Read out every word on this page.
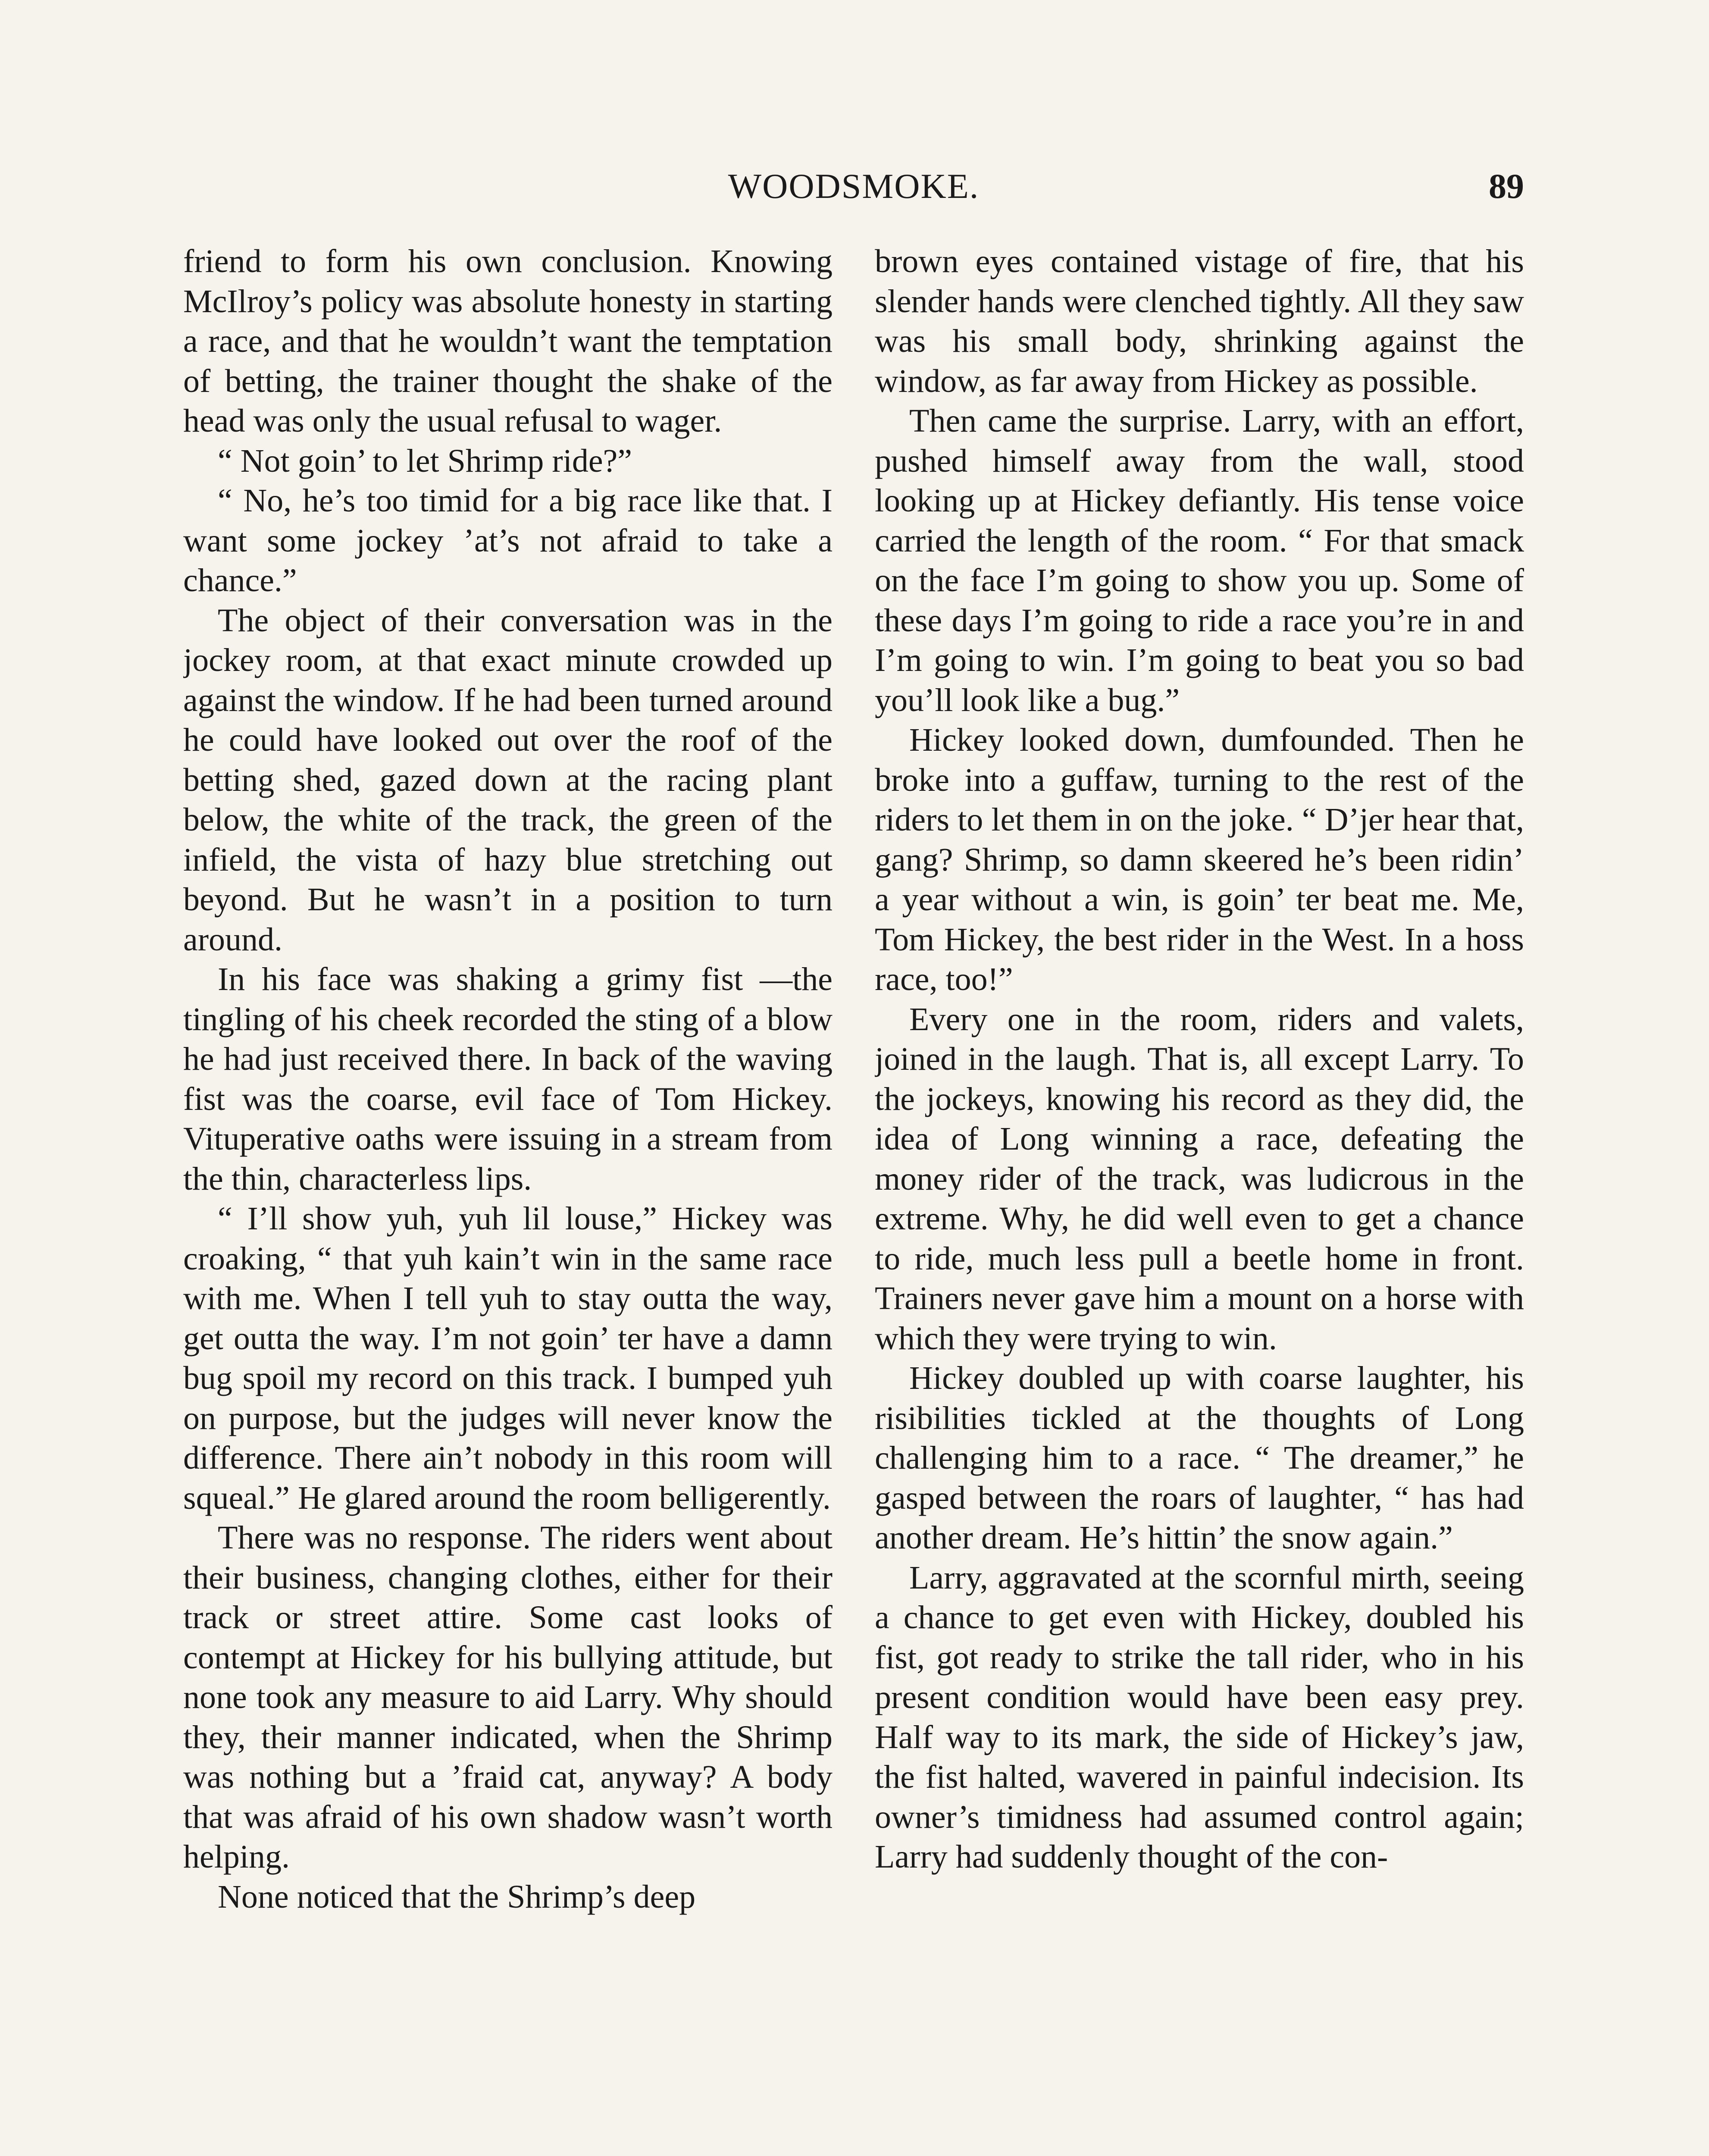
WOODSMOKE.	89

friend to form his own conclusion. Knowing McIlroy’s policy was absolute honesty in starting a race, and that he wouldn’t want the temptation of betting, the trainer thought the shake of the head was only the usual refusal to wager.

“ Not goin’ to let Shrimp ride?”

“ No, he’s too timid for a big race like that. I want some jockey ’at’s not afraid to take a chance.”

The object of their conversation was in the jockey room, at that exact minute crowded up against the window. If he had been turned around he could have looked out over the roof of the betting shed, gazed down at the racing plant below, the white of the track, the green of the infield, the vista of hazy blue stretching out beyond. But he wasn’t in a position to turn around.

In his face was shaking a grimy fist —the tingling of his cheek recorded the sting of a blow he had just received there. In back of the waving fist was the coarse, evil face of Tom Hickey. Vituperative oaths were issuing in a stream from the thin, characterless lips.

“ I’ll show yuh, yuh lil louse,” Hickey was croaking, “ that yuh kain’t win in the same race with me. When I tell yuh to stay outta the way, get outta the way. I’m not goin’ ter have a damn bug spoil my record on this track. I bumped yuh on purpose, but the judges will never know the difference. There ain’t nobody in this room will squeal.” He glared around the room belligerently.

There was no response. The riders went about their business, changing clothes, either for their track or street attire. Some cast looks of contempt at Hickey for his bullying attitude, but none took any measure to aid Larry. Why should they, their manner indicated, when the Shrimp was nothing but a ’fraid cat, anyway? A body that was afraid of his own shadow wasn’t worth helping.

None noticed that the Shrimp’s deep

brown eyes contained vistage of fire, that his slender hands were clenched tightly. All they saw was his small body, shrinking against the window, as far away from Hickey as possible.

Then came the surprise. Larry, with an effort, pushed himself away from the wall, stood looking up at Hickey defiantly. His tense voice carried the length of the room. “ For that smack on the face I’m going to show you up. Some of these days I’m going to ride a race you’re in and I’m going to win. I’m going to beat you so bad you’ll look like a bug.”

Hickey looked down, dumfounded. Then he broke into a guffaw, turning to the rest of the riders to let them in on the joke. “ D’jer hear that, gang? Shrimp, so damn skeered he’s been ridin’ a year without a win, is goin’ ter beat me. Me, Tom Hickey, the best rider in the West. In a hoss race, too!”

Every one in the room, riders and valets, joined in the laugh. That is, all except Larry. To the jockeys, knowing his record as they did, the idea of Long winning a race, defeating the money rider of the track, was ludicrous in the extreme. Why, he did well even to get a chance to ride, much less pull a beetle home in front. Trainers never gave him a mount on a horse with which they were trying to win.

Hickey doubled up with coarse laughter, his risibilities tickled at the thoughts of Long challenging him to a race. “ The dreamer,” he gasped between the roars of laughter, “ has had another dream. He’s hittin’ the snow again.”

Larry, aggravated at the scornful mirth, seeing a chance to get even with Hickey, doubled his fist, got ready to strike the tall rider, who in his present condition would have been easy prey. Half way to its mark, the side of Hickey’s jaw, the fist halted, wavered in painful indecision. Its owner’s timidness had assumed control again; Larry had suddenly thought of the con-
